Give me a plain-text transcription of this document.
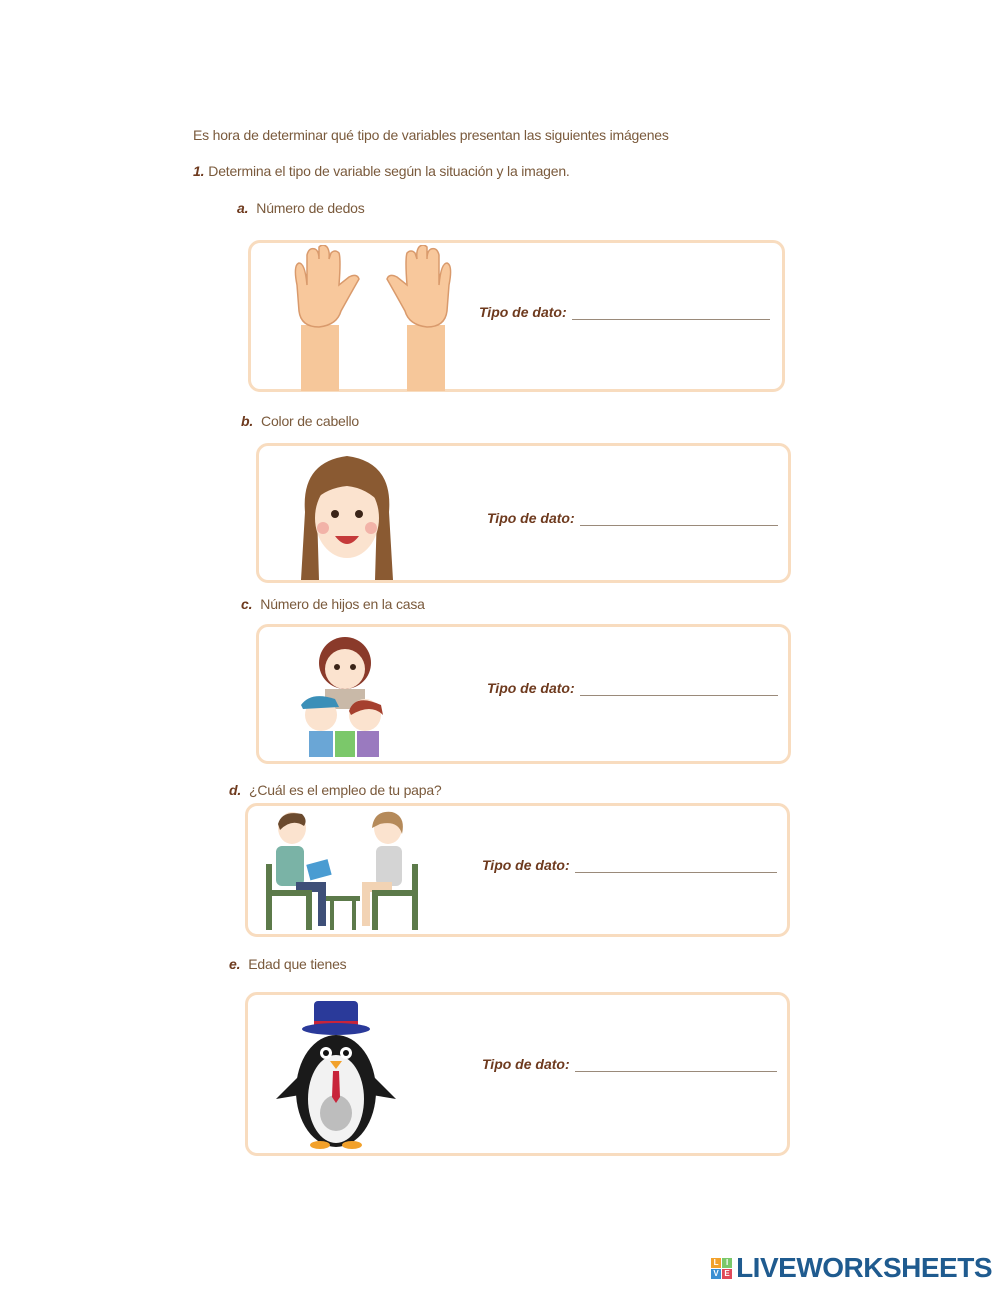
Es hora de determinar qué tipo de variables presentan las siguientes imágenes
1. Determina el tipo de variable según la situación y la imagen.
a. Número de dedos
Tipo de dato:
b. Color de cabello
Tipo de dato:
c. Número de hijos en la casa
Tipo de dato:
d. ¿Cuál es el empleo de tu papa?
Tipo de dato:
e. Edad que tienes
Tipo de dato:
L I
V E LIVEWORKSHEETS
